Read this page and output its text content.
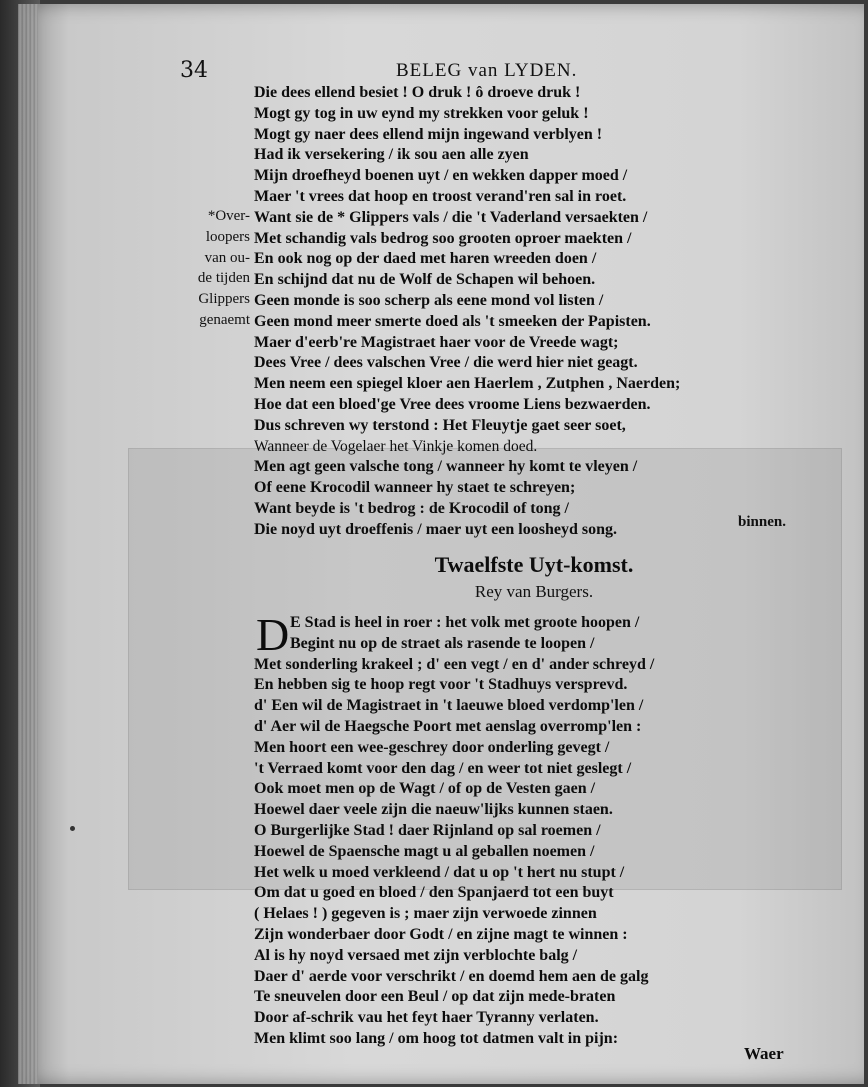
34	BELEG van LYDEN.
*Over-
loopers
van ou-
de tijden
Glippers
genaemt
Die dees ellend besiet ! O druk ! ô droeve druk !
Mogt gy tog in uw eynd my strekken voor geluk !
Mogt gy naer dees ellend mijn ingewand verblyen !
Had ik versekering / ik sou aen alle zyen
Mijn droefheyd boenen uyt / en wekken dapper moed /
Maer 't vrees dat hoop en troost verand'ren sal in roet.
Want sie de * Glippers vals / die 't Vaderland versaekten /
Met schandig vals bedrog soo grooten oproer maekten /
En ook nog op der daed met haren wreeden doen /
En schijnd dat nu de Wolf de Schapen wil behoen.
Geen monde is soo scherp als eene mond vol listen /
Geen mond meer smerte doed als 't smeeken der Papisten.
Maer d'eerb're Magistraet haer voor de Vreede wagt;
Dees Vree / dees valschen Vree / die werd hier niet geagt.
Men neem een spiegel kloer aen Haerlem , Zutphen , Naerden;
Hoe dat een bloed'ge Vree dees vroome Liens bezwaerden.
Dus schreven wy terstond : Het Fleuytje gaet seer soet,
Wanneer de Vogelaer het Vinkje komen doed.
Men agt geen valsche tong / wanneer hy komt te vleyen /
Of eene Krocodil wanneer hy staet te schreyen;
Want beyde is 't bedrog : de Krocodil of tong /
Die noyd uyt droeffenis / maer uyt een loosheyd song.	binnen.
Twaelfste Uyt-komst.
Rey van Burgers.
D E Stad is heel in roer : het volk met groote hoopen /
Begint nu op de straet als rasende te loopen /
Met sonderling krakeel ; d' een vegt / en d' ander schreyd /
En hebben sig te hoop regt voor 't Stadhuys versprevd.
d' Een wil de Magistraet in 't laeuwe bloed verdomp'len /
d' Aer wil de Haegsche Poort met aenslag overromp'len :
Men hoort een wee-geschrey door onderling gevegt /
't Verraed komt voor den dag / en weer tot niet geslegt /
Ook moet men op de Wagt / of op de Vesten gaen /
Hoewel daer veele zijn die naeuw'lijks kunnen staen.
O Burgerlijke Stad ! daer Rijnland op sal roemen /
Hoewel de Spaensche magt u al geballen noemen /
Het welk u moed verkleend / dat u op 't hert nu stupt /
Om dat u goed en bloed / den Spanjaerd tot een buyt
( Helaes ! ) gegeven is ; maer zijn verwoede zinnen
Zijn wonderbaer door Godt / en zijne magt te winnen :
Al is hy noyd versaed met zijn verblochte balg /
Daer d' aerde voor verschrikt / en doemd hem aen de galg
Te sneuvelen door een Beul / op dat zijn mede-braten
Door af-schrik vau het feyt haer Tyranny verlaten.
Men klimt soo lang / om hoog tot datmen valt in pijn:
Waer
